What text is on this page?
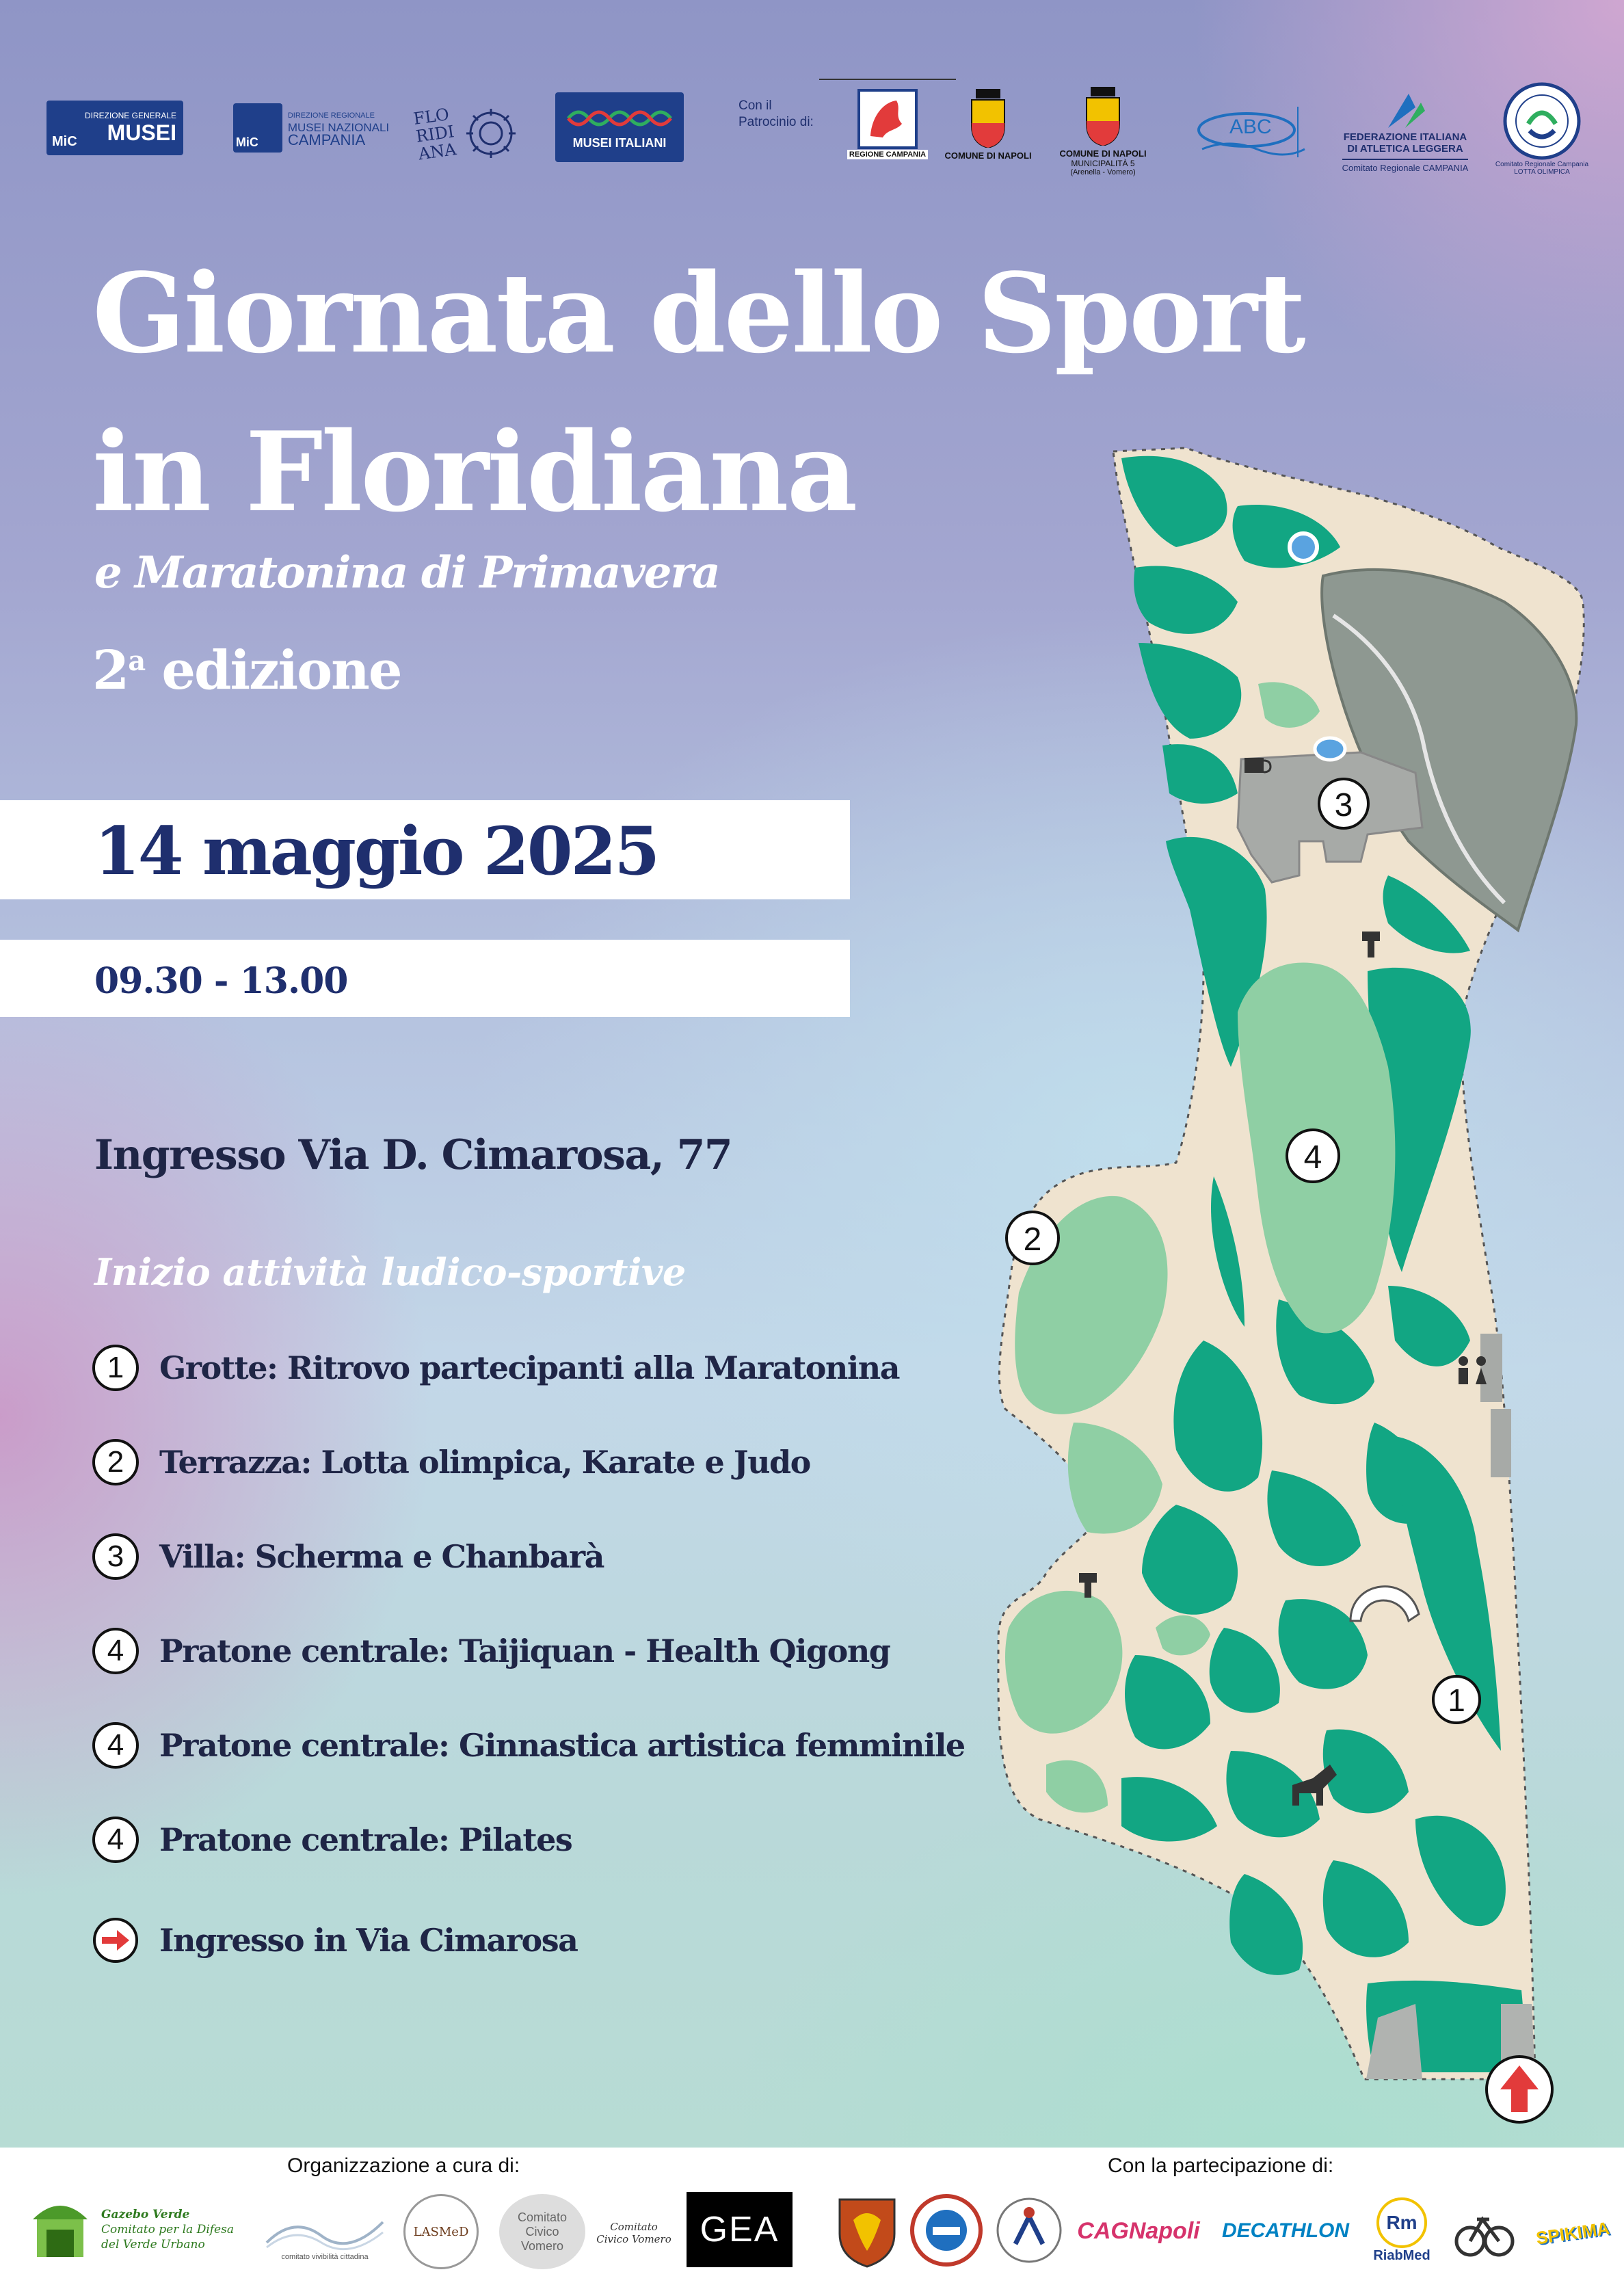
MiC
DIREZIONE GENERALE
MUSEI	MiC
DIREZIONE REGIONALE
MUSEI NAZIONALI
CAMPANIA
FLORIDIANA	MUSEI ITALIANI
Con il Patrocinio di:
REGIONE CAMPANIA COMUNE DI NAPOLI	COMUNE DI NAPOLI
MUNICIPALITÀ 5
(Arenella - Vomero)
ABC	FEDERAZIONE ITALIANA
DI ATLETICA LEGGERA
Comitato Regionale CAMPANIA	Comitato Regionale Campania
LOTTA OLIMPICA
Giornata dello Sport
in Floridiana
e Maratonina di Primavera
2$^a$ edizione
14 maggio 2025
09.30 - 13.00
Ingresso Via D. Cimarosa, 77
Inizio attività ludico-sportive
1	Grotte: Ritrovo partecipanti alla Maratonina
2	Terrazza: Lotta olimpica, Karate e Judo
3	Villa: Scherma e Chanbarà
4	Pratone centrale: Taijiquan - Health Qigong
4	Pratone centrale: Ginnastica artistica femminile
4	Pratone centrale: Pilates
Ingresso in Via Cimarosa
1
2
3
4
Organizzazione a cura di:	Con la partecipazione di:
Gazebo Verde
Comitato per la Difesa
del Verde Urbano
comitato vivibilità cittadina
LASMeD
Comitato
Civico
Vomero
Comitato Civico Vomero GEA	CAGNapoli DECATHLON	Rm
RiabMed
SPIKIMA
